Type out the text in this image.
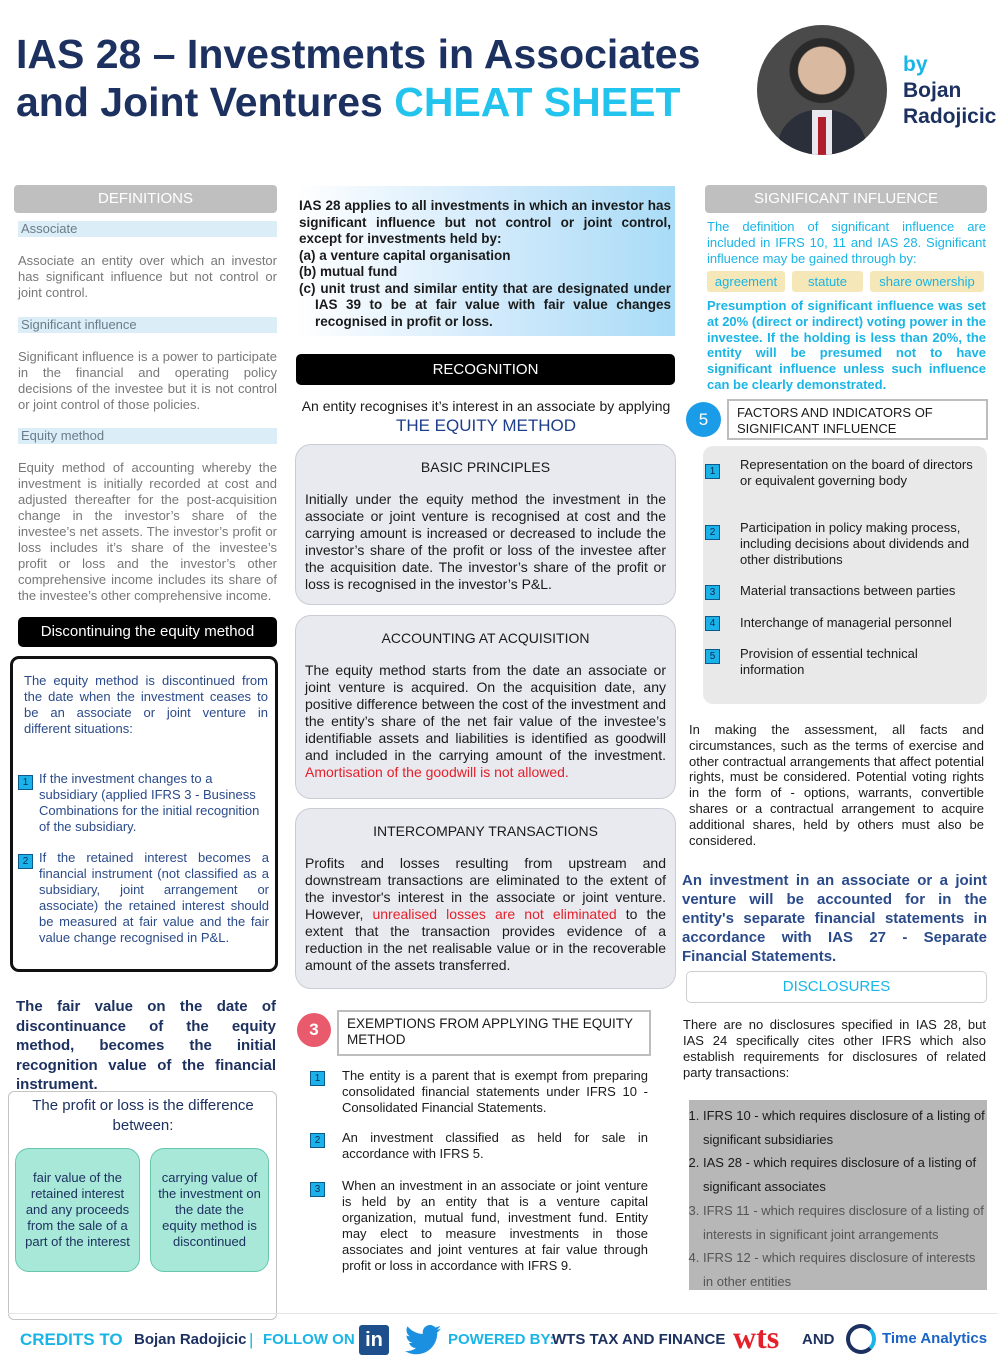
IAS 28 – Investments in Associates
and Joint Ventures CHEAT SHEET
by
Bojan
Radojicic
DEFINITIONS
Associate
Associate an entity over which an investor has significant influence but not control or joint control.
Significant influence
Significant influence is a power to participate in the financial and operating policy decisions of the investee but it is not control or joint control of those policies.
Equity method
Equity method of accounting whereby the investment is initially recorded at cost and adjusted thereafter for the post-acquisition change in the investor’s share of the investee’s net assets. The investor’s profit or loss includes it’s share of the investee’s profit or loss and the investor’s other comprehensive income includes its share of the investee’s other comprehensive income.
Discontinuing the equity method
The equity method is discontinued from the date when the investment ceases to be an associate or joint venture in different situations:
1 If the investment changes to a subsidiary (applied IFRS 3 - Business Combinations for the initial recognition of the subsidiary.
2 If the retained interest becomes a financial instrument (not classified as a subsidiary, joint arrangement or associate) the retained interest should be measured at fair value and the fair value change recognised in P&L.
The fair value on the date of discontinuance of the equity method, becomes the initial recognition value of the financial instrument.
The profit or loss is the difference between:
fair value of the retained interest and any proceeds from the sale of a part of the interest
carrying value of the investment on the date the equity method is discontinued
IAS 28 applies to all investments in which an investor has significant influence but not control or joint control, except for investments held by:
(a) a venture capital organisation
(b) mutual fund
(c) unit trust and similar entity that are designated under IAS 39 to be at fair value with fair value changes recognised in profit or loss.
RECOGNITION
An entity recognises it’s interest in an associate by applying
THE EQUITY METHOD
BASIC PRINCIPLES
Initially under the equity method the investment in the associate or joint venture is recognised at cost and the carrying amount is increased or decreased to include the investor’s share of the profit or loss of the investee after the acquisition date. The investor’s share of the profit or loss is recognised in the investor’s P&L.
ACCOUNTING AT ACQUISITION
The equity method starts from the date an associate or joint venture is acquired. On the acquisition date, any positive difference between the cost of the investment and the entity’s share of the net fair value of the investee’s identifiable assets and liabilities is identified as goodwill and included in the carrying amount of the investment. Amortisation of the goodwill is not allowed.
INTERCOMPANY TRANSACTIONS
Profits and losses resulting from upstream and downstream transactions are eliminated to the extent of the investor's interest in the associate or joint venture. However, unrealised losses are not eliminated to the extent that the transaction provides evidence of a reduction in the net realisable value or in the recoverable amount of the assets transferred.
3	EXEMPTIONS FROM APPLYING THE EQUITY METHOD
1	The entity is a parent that is exempt from preparing consolidated financial statements under IFRS 10 - Consolidated Financial Statements.
2	An investment classified as held for sale in accordance with IFRS 5.
3	When an investment in an associate or joint venture is held by an entity that is a venture capital organization, mutual fund, investment fund. Entity may elect to measure investments in those associates and joint ventures at fair value through profit or loss in accordance with IFRS 9.
SIGNIFICANT INFLUENCE
The definition of significant influence are included in IFRS 10, 11 and IAS 28. Significant influence may be gained through by:
agreement	statute	share ownership
Presumption of significant influence was set at 20% (direct or indirect) voting power in the investee. If the holding is less than 20%, the entity will be presumed not to have significant influence unless such influence can be clearly demonstrated.
5	FACTORS AND INDICATORS OF SIGNIFICANT INFLUENCE
1	Representation on the board of directors or equivalent governing body
2	Participation in policy making process, including decisions about dividends and other distributions
3	Material transactions between parties
4	Interchange of managerial personnel
5	Provision of essential technical information
In making the assessment, all facts and circumstances, such as the terms of exercise and other contractual arrangements that affect potential rights, must be considered. Potential voting rights in the form of - options, warrants, convertible shares or a contractual arrangement to acquire additional shares, held by others must also be considered.
An investment in an associate or a joint venture will be accounted for in the entity's separate financial statements in accordance with IAS 27 - Separate Financial Statements.
DISCLOSURES
There are no disclosures specified in IAS 28, but IAS 24 specifically cites other IFRS which also establish requirements for disclosures of related party transactions:
1. IFRS 10 - which requires disclosure of a listing of significant subsidiaries
2. IAS 28 - which requires disclosure of a listing of significant associates
3. IFRS 11 - which requires disclosure of a listing of interests in significant joint arrangements
4. IFRS 12 - which requires disclosure of interests in other entities
CREDITS TO Bojan Radojicic | FOLLOW ON in	POWERED BY:
WTS TAX AND FINANCE wts AND	Time Analytics
